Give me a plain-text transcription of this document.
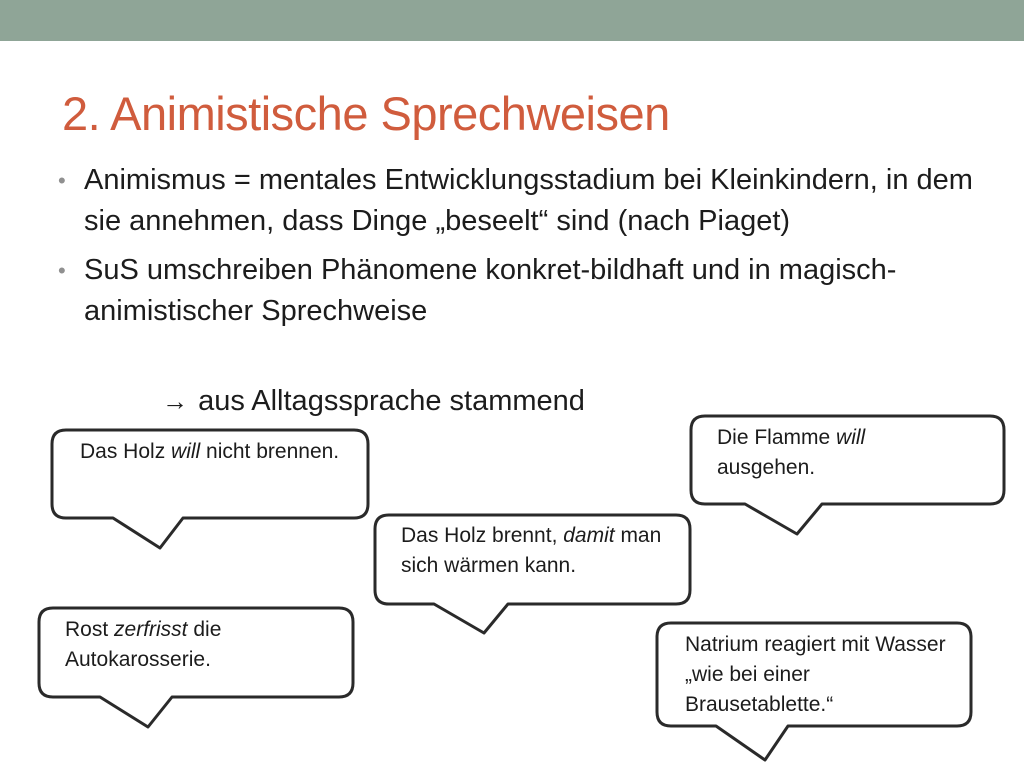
2. Animistische Sprechweisen
• Animismus = mentales Entwicklungsstadium bei Kleinkindern, in dem sie annehmen, dass Dinge „beseelt“ sind (nach Piaget)
• SuS umschreiben Phänomene konkret-bildhaft und in magisch-animistischer Sprechweise
→ aus Alltagssprache stammend
Das Holz will nicht brennen.
Die Flamme will ausgehen.
Das Holz brennt, damit man sich wärmen kann.
Rost zerfrisst die Autokarosserie.
Natrium reagiert mit Wasser „wie bei einer Brausetablette.“
